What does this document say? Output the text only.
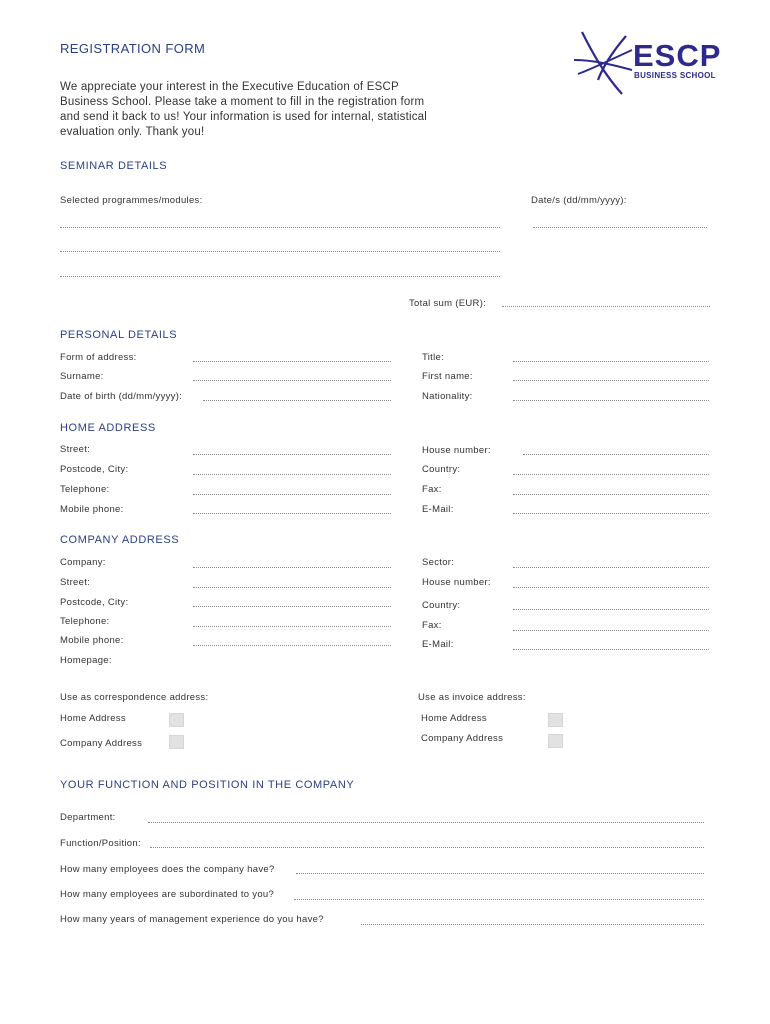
REGISTRATION FORM
We appreciate your interest in the Executive Education of ESCP
Business School. Please take a moment to fill in the registration form
and send it back to us! Your information is used for internal, statistical
evaluation only. Thank you!
ESCP
BUSINESS SCHOOL
SEMINAR DETAILS
Selected programmes/modules:	Date/s (dd/mm/yyyy):
Total sum (EUR):
PERSONAL DETAILS
Form of address:
Surname:
Date of birth (dd/mm/yyyy):
Title:
First name:
Nationality:
HOME ADDRESS
Street:
Postcode, City:
Telephone:
Mobile phone:
House number:
Country:
Fax:
E-Mail:
COMPANY ADDRESS
Company:
Street:
Postcode, City:
Telephone:
Mobile phone:
Homepage:
Sector:
House number:
Country:
Fax:
E-Mail:
Use as correspondence address:	Use as invoice address:
Home Address
Company Address
Home Address
Company Address
YOUR FUNCTION AND POSITION IN THE COMPANY
Department:
Function/Position:
How many employees does the company have?
How many employees are subordinated to you?
How many years of management experience do you have?
